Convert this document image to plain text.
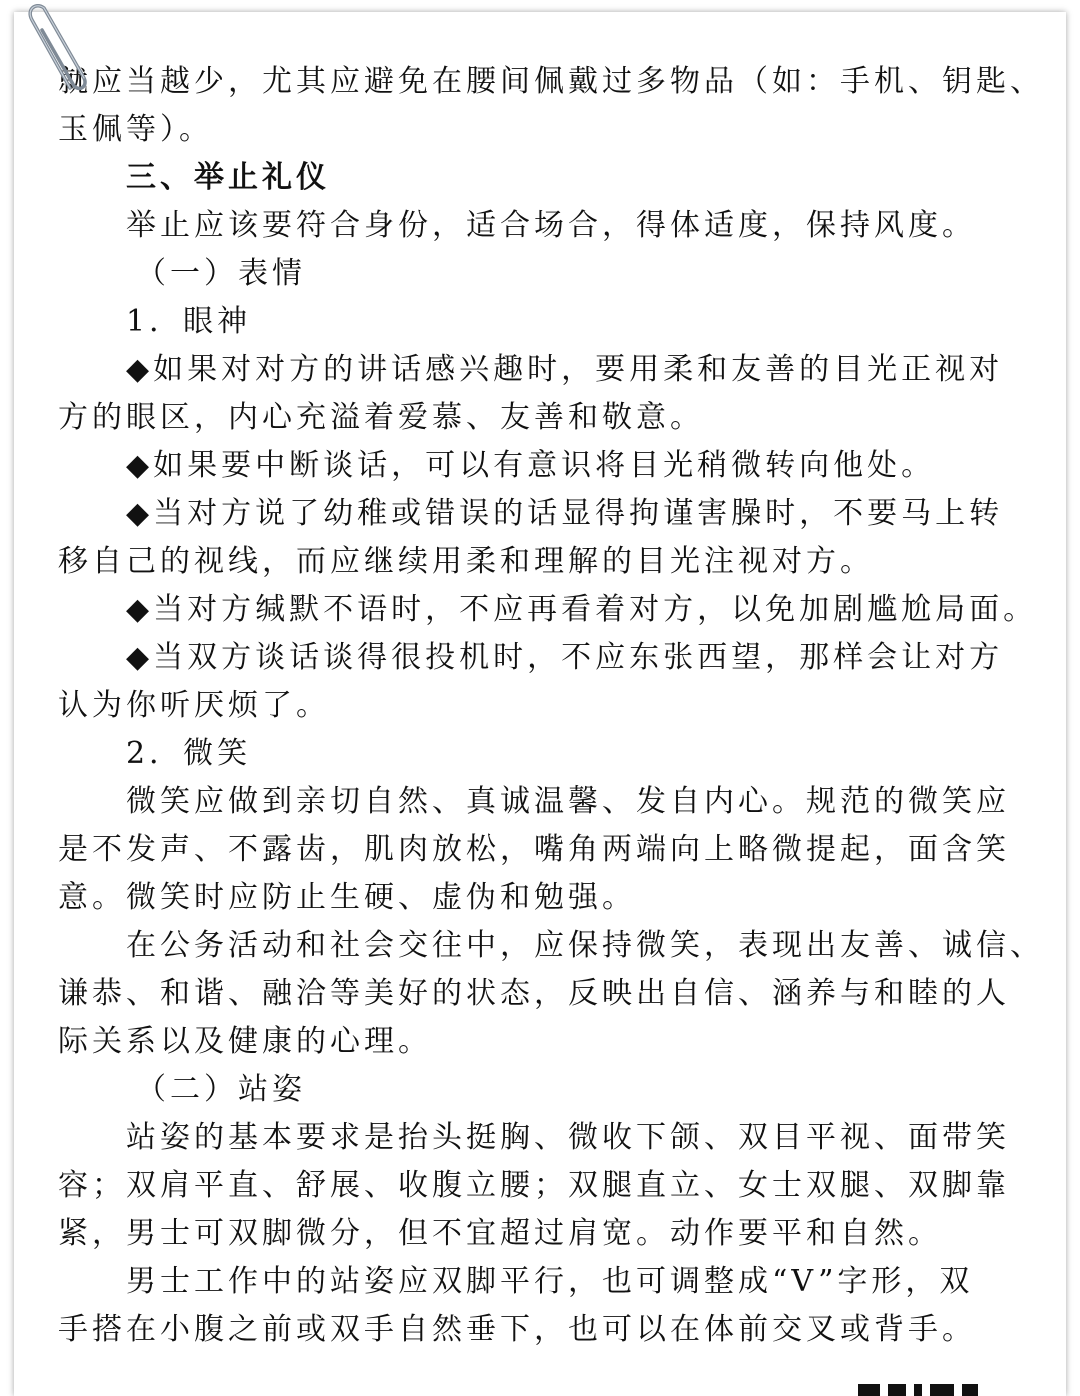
就应当越少，尤其应避免在腰间佩戴过多物品（如：手机、钥匙、
玉佩等）。
三、举止礼仪
举止应该要符合身份，适合场合，得体适度，保持风度。
（一）表情
1．眼神
◆如果对对方的讲话感兴趣时，要用柔和友善的目光正视对
方的眼区，内心充溢着爱慕、友善和敬意。
◆如果要中断谈话，可以有意识将目光稍微转向他处。
◆当对方说了幼稚或错误的话显得拘谨害臊时，不要马上转
移自己的视线，而应继续用柔和理解的目光注视对方。
◆当对方缄默不语时，不应再看着对方，以免加剧尴尬局面。
◆当双方谈话谈得很投机时，不应东张西望，那样会让对方
认为你听厌烦了。
2．微笑
微笑应做到亲切自然、真诚温馨、发自内心。规范的微笑应
是不发声、不露齿，肌肉放松，嘴角两端向上略微提起，面含笑
意。微笑时应防止生硬、虚伪和勉强。
在公务活动和社会交往中，应保持微笑，表现出友善、诚信、
谦恭、和谐、融洽等美好的状态，反映出自信、涵养与和睦的人
际关系以及健康的心理。
（二）站姿
站姿的基本要求是抬头挺胸、微收下颌、双目平视、面带笑
容；双肩平直、舒展、收腹立腰；双腿直立、女士双腿、双脚靠
紧，男士可双脚微分，但不宜超过肩宽。动作要平和自然。
男士工作中的站姿应双脚平行，也可调整成“V”字形，双
手搭在小腹之前或双手自然垂下，也可以在体前交叉或背手。
